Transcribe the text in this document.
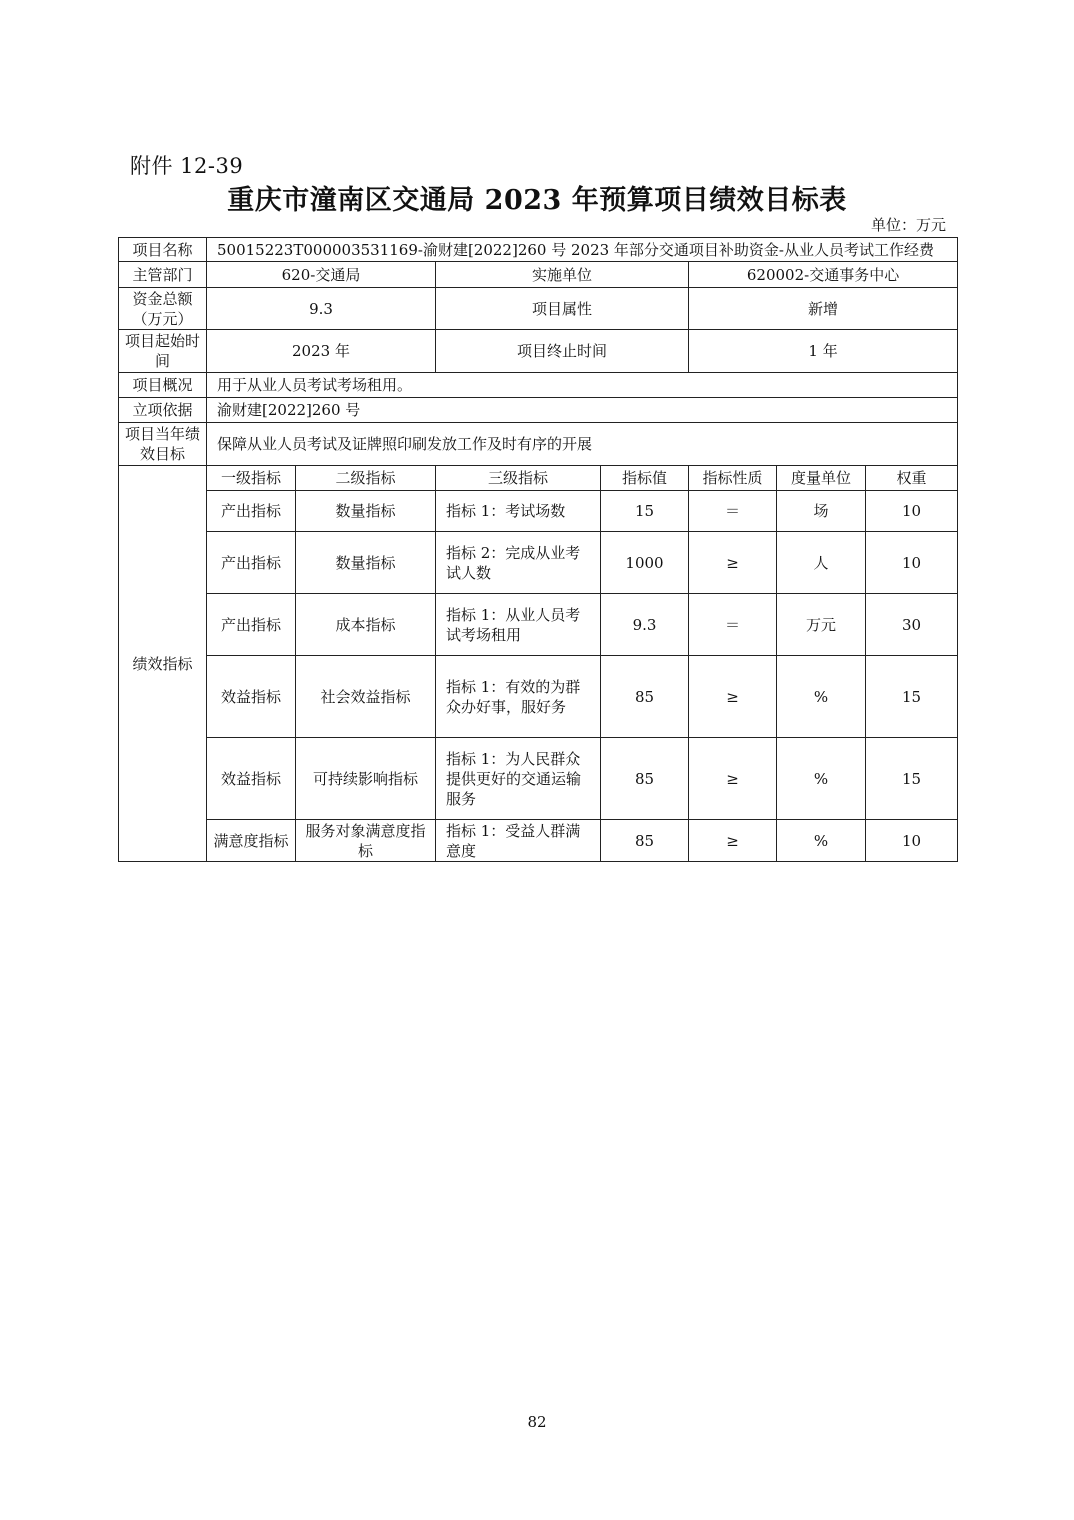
附件 12-39
重庆市潼南区交通局 2023 年预算项目绩效目标表
单位：万元
项目名称	50015223T000003531169-渝财建[2022]260 号 2023 年部分交通项目补助资金-从业人员考试工作经费						
主管部门	620-交通局		实施单位		620002-交通事务中心		
资金总额（万元）	9.3		项目属性		新增		
项目起始时间	2023 年		项目终止时间		1 年		
项目概况	用于从业人员考试考场租用。						
立项依据	渝财建[2022]260 号						
项目当年绩效目标	保障从业人员考试及证牌照印刷发放工作及时有序的开展						
绩效指标	一级指标	二级指标	三级指标	指标值	指标性质	度量单位	权重
	产出指标	数量指标	指标 1：考试场数	15	＝	场	10
	产出指标	数量指标	指标 2：完成从业考试人数	1000	≥	人	10
	产出指标	成本指标	指标 1：从业人员考试考场租用	9.3	＝	万元	30
	效益指标	社会效益指标	指标 1：有效的为群众办好事，服好务	85	≥	%	15
	效益指标	可持续影响指标	指标 1：为人民群众提供更好的交通运输服务	85	≥	%	15
	满意度指标	服务对象满意度指标	指标 1：受益人群满意度	85	≥	%	10
82
